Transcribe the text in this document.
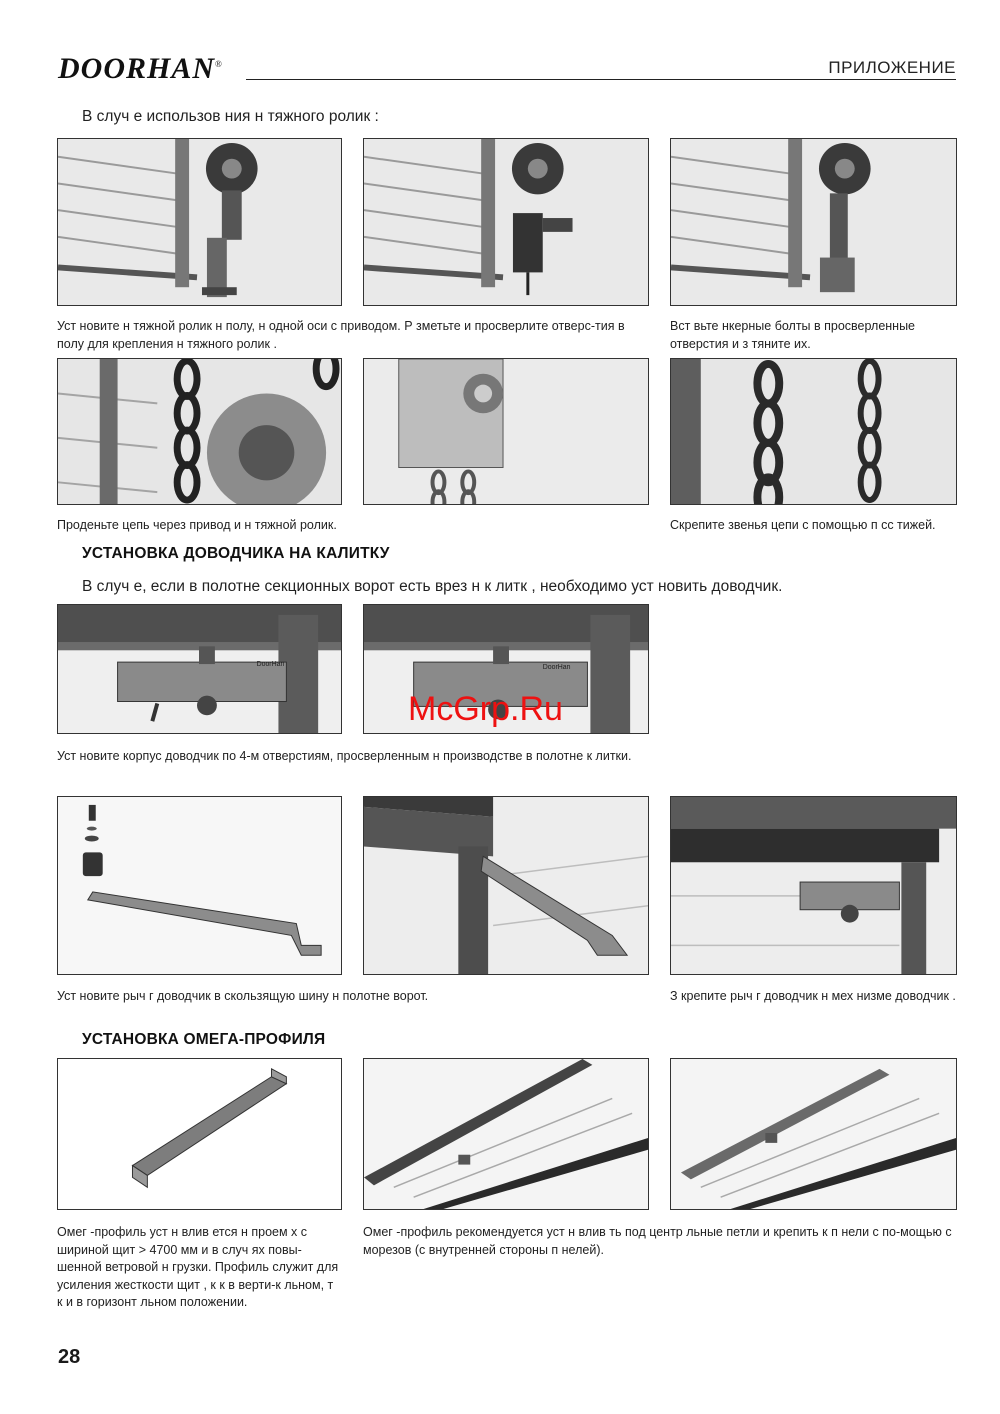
DOORHAN®	ПРИЛОЖЕНИЕ
В случ е использов ния н тяжного ролик :
Уст новите н тяжной ролик н полу, н одной оси с приводом. Р зметьте и просверлите отверс-тия в полу для крепления н тяжного ролик .
Вст вьте нкерные болты в просверленные отверстия и з тяните их.
Проденьте цепь через привод и н тяжной ролик.	Скрепите звенья цепи с помощью п сс тижей.
УСТАНОВКА ДОВОДЧИКА НА КАЛИТКУ
В случ е, если в полотне секционных ворот есть врез н к литк , необходимо уст новить доводчик.
DoorHan	DoorHan
Уст новите корпус доводчик по 4-м отверстиям, просверленным н производстве в полотне к литки.
Уст новите рыч г доводчик в скользящую шину н полотне ворот.	З крепите рыч г доводчик н мех низме доводчик .
УСТАНОВКА ОМЕГА-ПРОФИЛЯ
Омег -профиль уст н влив ется н проем х с шириной щит > 4700 мм и в случ ях повы-шенной ветровой н грузки. Профиль служит для усиления жесткости щит , к к в верти-к льном, т к и в горизонт льном положении.
Омег -профиль рекомендуется уст н влив ть под центр льные петли и крепить к п нели с по-мощью с морезов (с внутренней стороны п нелей).
McGrp.Ru
28
